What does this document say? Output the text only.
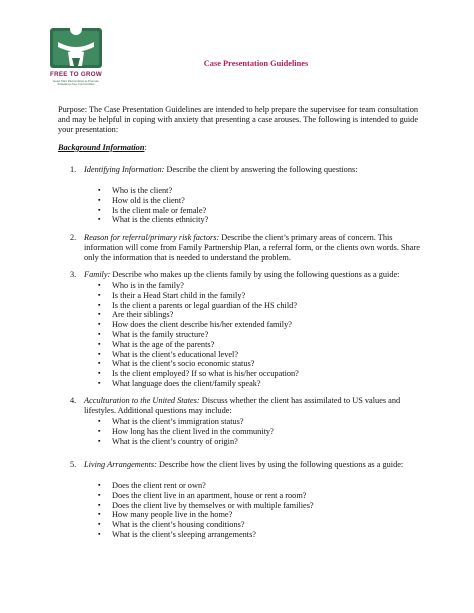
FREE TO GROW
Head Start Partnerships to Promote Substance-free Communities
Case Presentation Guidelines
Purpose: The Case Presentation Guidelines are intended to help prepare the supervisee for team consultation and may be helpful in coping with anxiety that presenting a case arouses. The following is intended to guide your presentation:
Background Information:
1. Identifying Information: Describe the client by answering the following questions:
▪ Who is the client?
▪ How old is the client?
▪ Is the client male or female?
▪ What is the clients ethnicity?
2. Reason for referral/primary risk factors: Describe the client’s primary areas of concern. This information will come from Family Partnership Plan, a referral form, or the clients own words. Share only the information that is needed to understand the problem.
3. Family: Describe who makes up the clients family by using the following questions as a guide:
▪ Who is in the family?
▪ Is their a Head Start child in the family?
▪ Is the client a parents or legal guardian of the HS child?
▪ Are their siblings?
▪ How does the client describe his/her extended family?
▪ What is the family structure?
▪ What is the age of the parents?
▪ What is the client’s educational level?
▪ What is the client’s socio economic status?
▪ Is the client employed? If so what is his/her occupation?
▪ What language does the client/family speak?
4. Acculturation to the United States: Discuss whether the client has assimilated to US values and lifestyles. Additional questions may include:
▪ What is the client’s immigration status?
▪ How long has the client lived in the community?
▪ What is the client’s country of origin?
5. Living Arrangements: Describe how the client lives by using the following questions as a guide:
▪ Does the client rent or own?
▪ Does the client live in an apartment, house or rent a room?
▪ Does the client live by themselves or with multiple families?
▪ How many people live in the home?
▪ What is the client’s housing conditions?
▪ What is the client’s sleeping arrangements?
